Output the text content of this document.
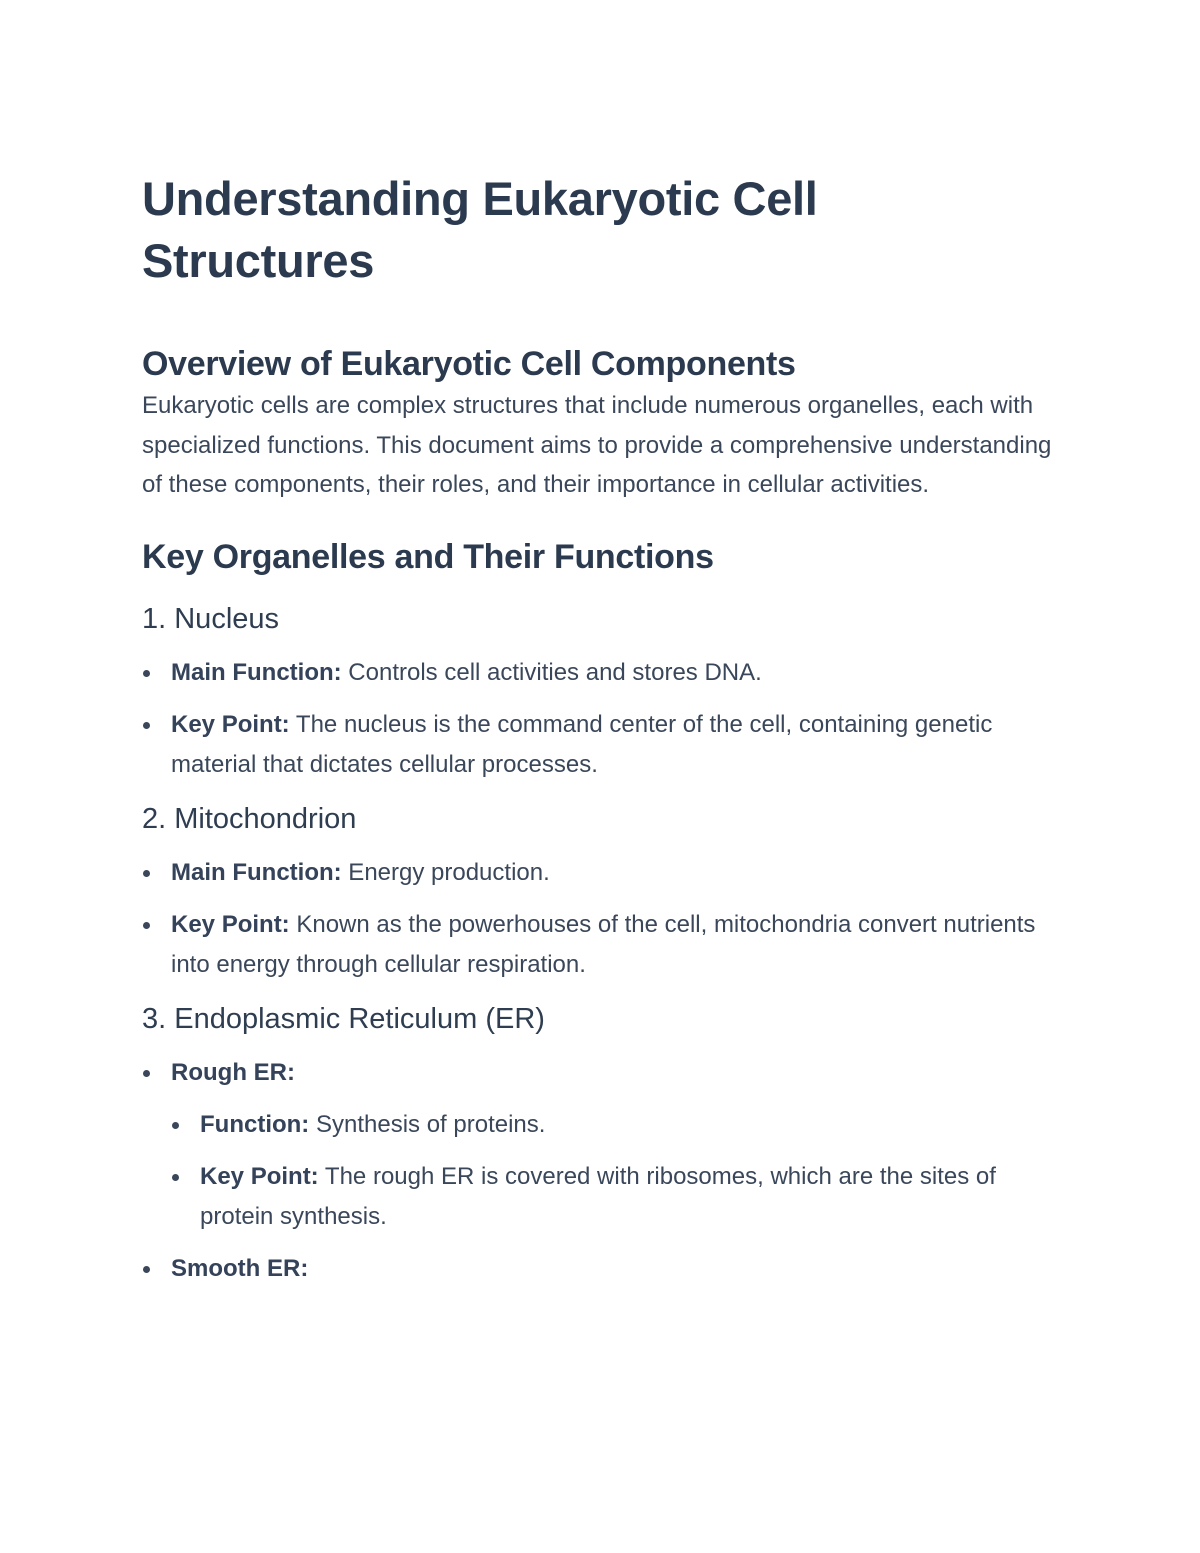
Understanding Eukaryotic Cell Structures
Overview of Eukaryotic Cell Components

Eukaryotic cells are complex structures that include numerous organelles, each with specialized functions. This document aims to provide a comprehensive understanding of these components, their roles, and their importance in cellular activities.

Key Organelles and Their Functions
1. Nucleus
Main Function: Controls cell activities and stores DNA.
Key Point: The nucleus is the command center of the cell, containing genetic material that dictates cellular processes.
2. Mitochondrion
Main Function: Energy production.
Key Point: Known as the powerhouses of the cell, mitochondria convert nutrients into energy through cellular respiration.
3. Endoplasmic Reticulum (ER)
Rough ER:
Function: Synthesis of proteins.
Key Point: The rough ER is covered with ribosomes, which are the sites of protein synthesis.
Smooth ER:
